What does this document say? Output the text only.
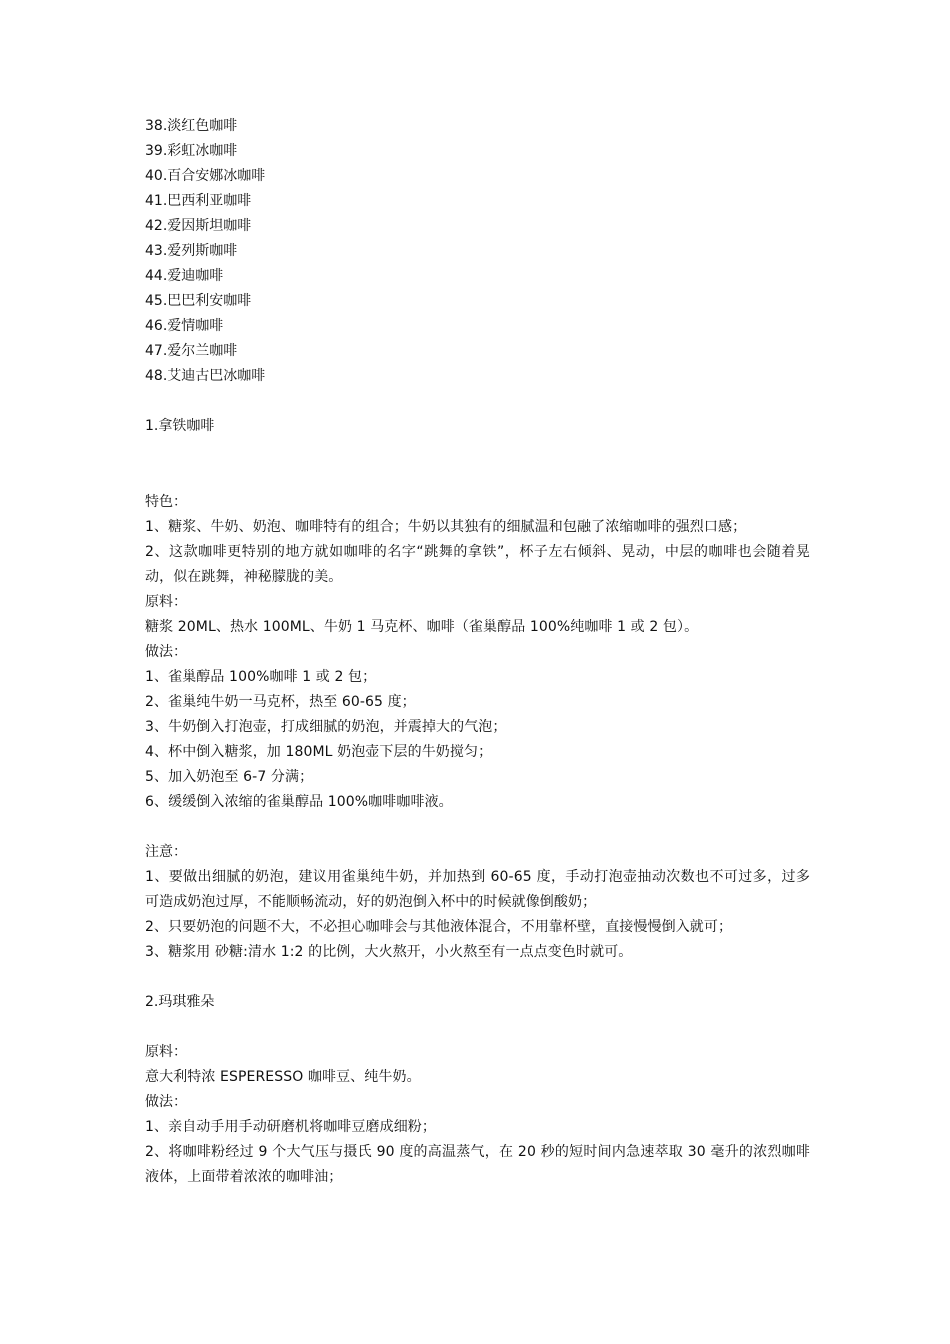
38.淡红色咖啡

39.彩虹冰咖啡

40.百合安娜冰咖啡

41.巴西利亚咖啡

42.爱因斯坦咖啡

43.爱列斯咖啡

44.爱迪咖啡

45.巴巴利安咖啡

46.爱情咖啡

47.爱尔兰咖啡

48.艾迪古巴冰咖啡

1.拿铁咖啡

特色：

1、糖浆、牛奶、奶泡、咖啡特有的组合；牛奶以其独有的细腻温和包融了浓缩咖啡的强烈口感；

2、这款咖啡更特别的地方就如咖啡的名字“跳舞的拿铁”，杯子左右倾斜、晃动，中层的咖啡也会随着晃动，似在跳舞，神秘朦胧的美。

原料：

糖浆 20ML、热水 100ML、牛奶 1 马克杯、咖啡（雀巢醇品 100%纯咖啡 1 或 2 包）。

做法：

1、雀巢醇品 100%咖啡 1 或 2 包；

2、雀巢纯牛奶一马克杯，热至 60-65 度；

3、牛奶倒入打泡壶，打成细腻的奶泡，并震掉大的气泡；

4、杯中倒入糖浆，加 180ML 奶泡壶下层的牛奶搅匀；

5、加入奶泡至 6-7 分满；

6、缓缓倒入浓缩的雀巢醇品 100%咖啡咖啡液。

注意：

1、要做出细腻的奶泡，建议用雀巢纯牛奶，并加热到 60-65 度，手动打泡壶抽动次数也不可过多，过多可造成奶泡过厚，不能顺畅流动，好的奶泡倒入杯中的时候就像倒酸奶；

2、只要奶泡的问题不大，不必担心咖啡会与其他液体混合，不用靠杯壁，直接慢慢倒入就可；

3、糖浆用 砂糖:清水 1:2 的比例，大火熬开，小火熬至有一点点变色时就可。

2.玛琪雅朵

原料：

意大利特浓 ESPERESSO 咖啡豆、纯牛奶。

做法：

1、亲自动手用手动研磨机将咖啡豆磨成细粉；

2、将咖啡粉经过 9 个大气压与摄氏 90 度的高温蒸气，在 20 秒的短时间内急速萃取 30 毫升的浓烈咖啡液体，上面带着浓浓的咖啡油；
